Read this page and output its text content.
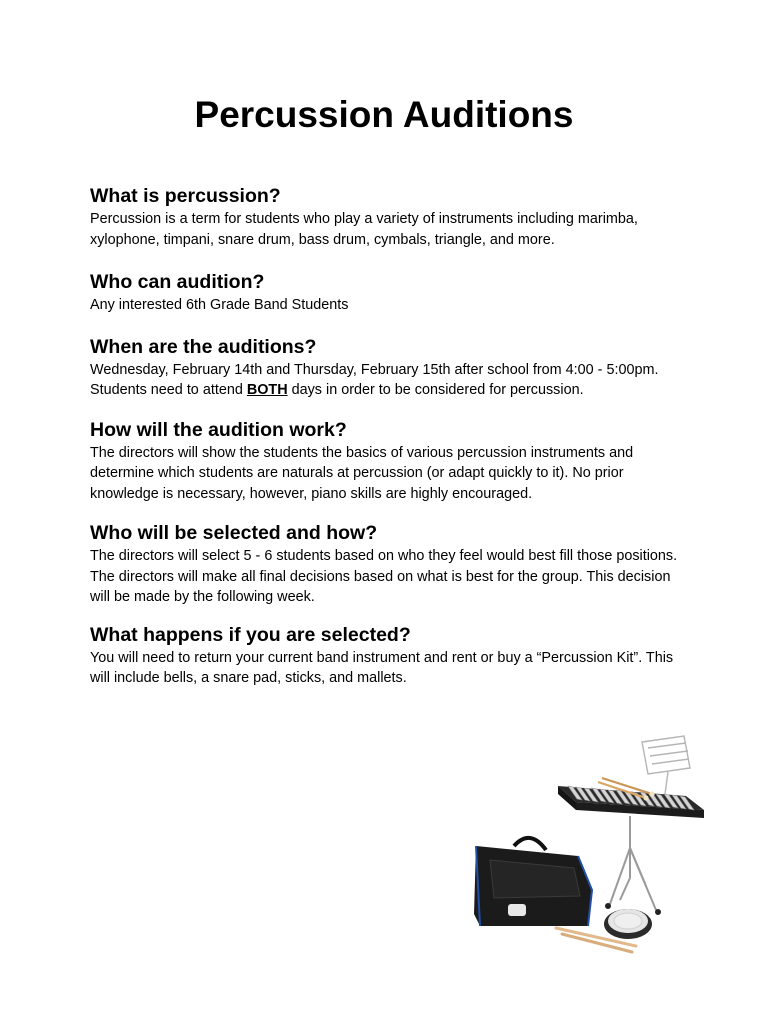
Percussion Auditions
What is percussion?

Percussion is a term for students who play a variety of instruments including marimba, xylophone, timpani, snare drum, bass drum, cymbals, triangle, and more.

Who can audition?

Any interested 6th Grade Band Students

When are the auditions?

Wednesday, February 14th and Thursday, February 15th after school from 4:00 - 5:00pm. Students need to attend BOTH days in order to be considered for percussion.

How will the audition work?

The directors will show the students the basics of various percussion instruments and determine which students are naturals at percussion (or adapt quickly to it). No prior knowledge is necessary, however, piano skills are highly encouraged.

Who will be selected and how?

The directors will select 5 - 6 students based on who they feel would best fill those positions. The directors will make all final decisions based on what is best for the group. This decision will be made by the following week.

What happens if you are selected?

You will need to return your current band instrument and rent or buy a “Percussion Kit”. This will include bells, a snare pad, sticks, and mallets.
